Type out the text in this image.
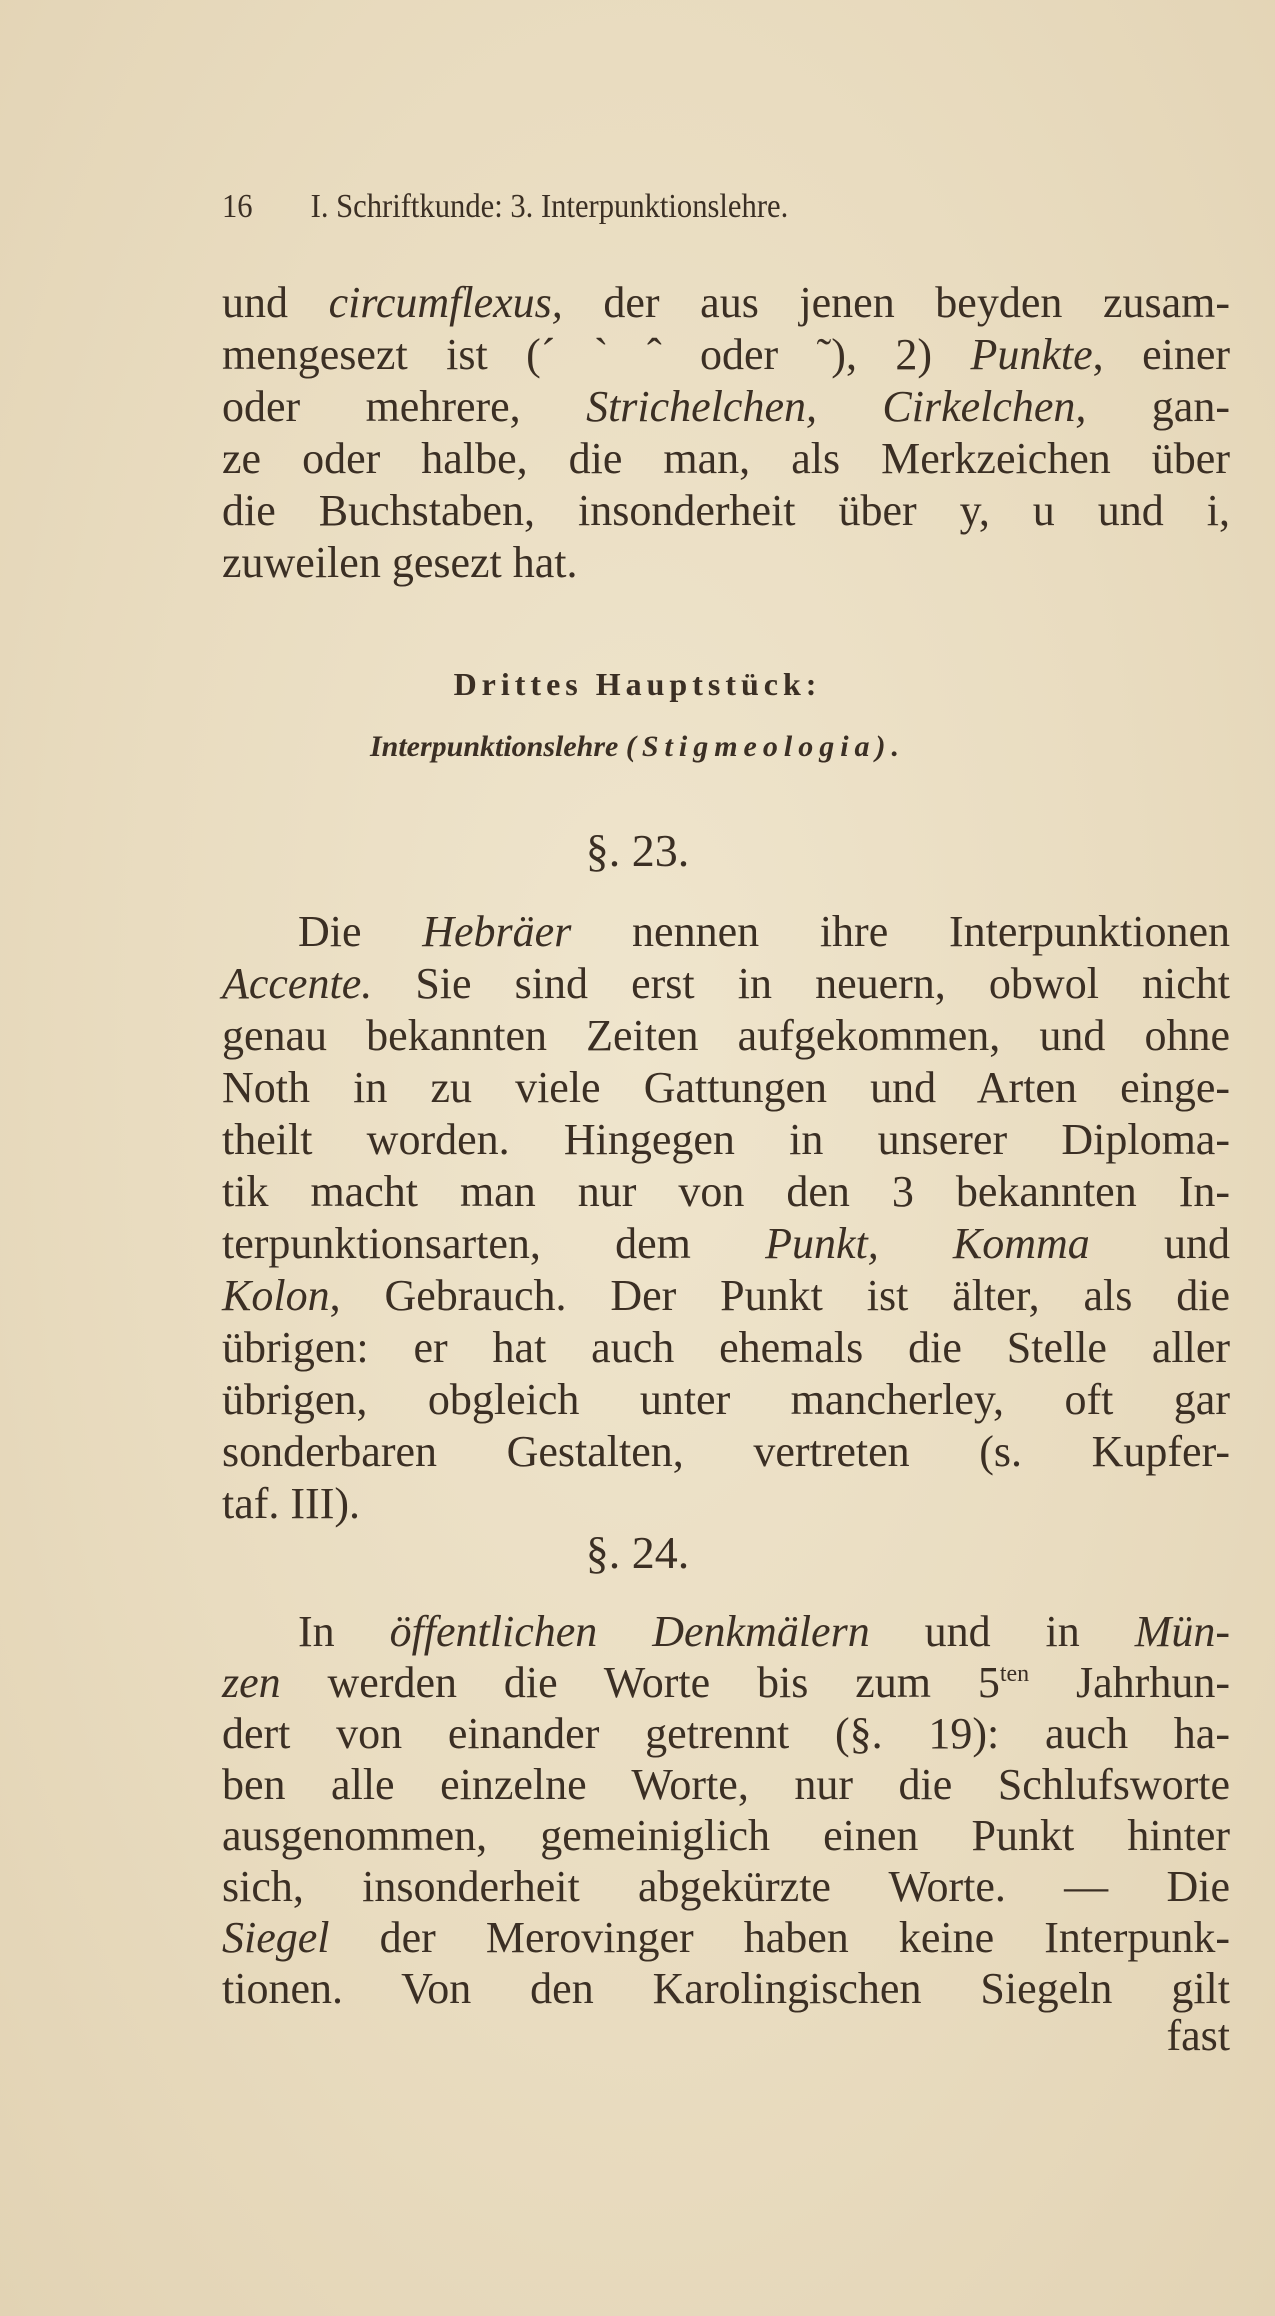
16 I. Schriftkunde: 3. Interpunktionslehre.
und circumflexus, der aus jenen beyden zusam-
mengesezt ist (´ ` ˆ oder ˜), 2) Punkte, einer
oder mehrere, Strichelchen, Cirkelchen, gan-
ze oder halbe, die man, als Merkzeichen über
die Buchstaben, insonderheit über y, u und i,
zuweilen gesezt hat.
Drittes Hauptstück:
Interpunktionslehre (Stigmeologia).
§. 23.
Die Hebräer nennen ihre Interpunktionen
Accente. Sie sind erst in neuern, obwol nicht
genau bekannten Zeiten aufgekommen, und ohne
Noth in zu viele Gattungen und Arten einge-
theilt worden. Hingegen in unserer Diploma-
tik macht man nur von den 3 bekannten In-
terpunktionsarten, dem Punkt, Komma und
Kolon, Gebrauch. Der Punkt ist älter, als die
übrigen: er hat auch ehemals die Stelle aller
übrigen, obgleich unter mancherley, oft gar
sonderbaren Gestalten, vertreten (s. Kupfer-
taf. III).
§. 24.
In öffentlichen Denkmälern und in Mün-
zen werden die Worte bis zum $5^{ten}$ Jahrhun-
dert von einander getrennt (§. 19): auch ha-
ben alle einzelne Worte, nur die Schlufsworte
ausgenommen, gemeiniglich einen Punkt hinter
sich, insonderheit abgekürzte Worte. — Die
Siegel der Merovinger haben keine Interpunk-
tionen. Von den Karolingischen Siegeln gilt
fast
